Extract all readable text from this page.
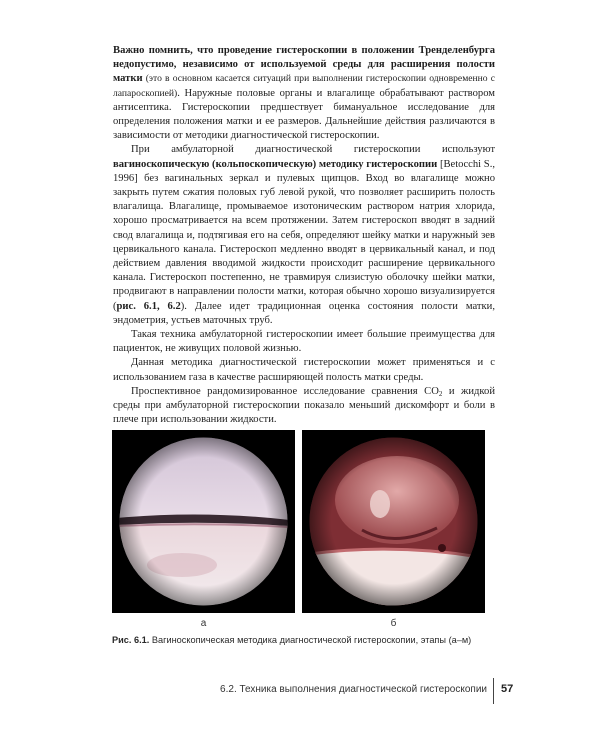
Важно помнить, что проведение гистероскопии в положении Тренделенбурга недопустимо, независимо от используемой среды для расширения полости матки (это в основном касается ситуаций при выполнении гистероскопии одновременно с лапароскопией). Наружные половые органы и влагалище обрабатывают раствором антисептика. Гистероскопии предшествует бимануальное исследование для определения положения матки и ее размеров. Дальнейшие действия различаются в зависимости от методики диагностической гистероскопии.

При амбулаторной диагностической гистероскопии используют вагиноскопическую (кольпоскопическую) методику гистероскопии [Betocchi S., 1996] без вагинальных зеркал и пулевых щипцов. Вход во влагалище можно закрыть путем сжатия половых губ левой рукой, что позволяет расширить полость влагалища. Влагалище, промываемое изотоническим раствором натрия хлорида, хорошо просматривается на всем протяжении. Затем гистероскоп вводят в задний свод влагалища и, подтягивая его на себя, определяют шейку матки и наружный зев цервикального канала. Гистероскоп медленно вводят в цервикальный канал, и под действием давления вводимой жидкости происходит расширение цервикального канала. Гистероскоп постепенно, не травмируя слизистую оболочку шейки матки, продвигают в направлении полости матки, которая обычно хорошо визуализируется (рис. 6.1, 6.2). Далее идет традиционная оценка состояния полости матки, эндометрия, устьев маточных труб.

Такая техника амбулаторной гистероскопии имеет большие преимущества для пациенток, не живущих половой жизнью.

Данная методика диагностической гистероскопии может применяться и с использованием газа в качестве расширяющей полость матки среды.

Проспективное рандомизированное исследование сравнения $CO_2$ и жидкой среды при амбулаторной гистероскопии показало меньший дискомфорт и боли в плече при использовании жидкости.

а	б
Рис. 6.1. Вагиноскопическая методика диагностической гистероскопии, этапы (а–м)
6.2. Техника выполнения диагностической гистероскопии 57
